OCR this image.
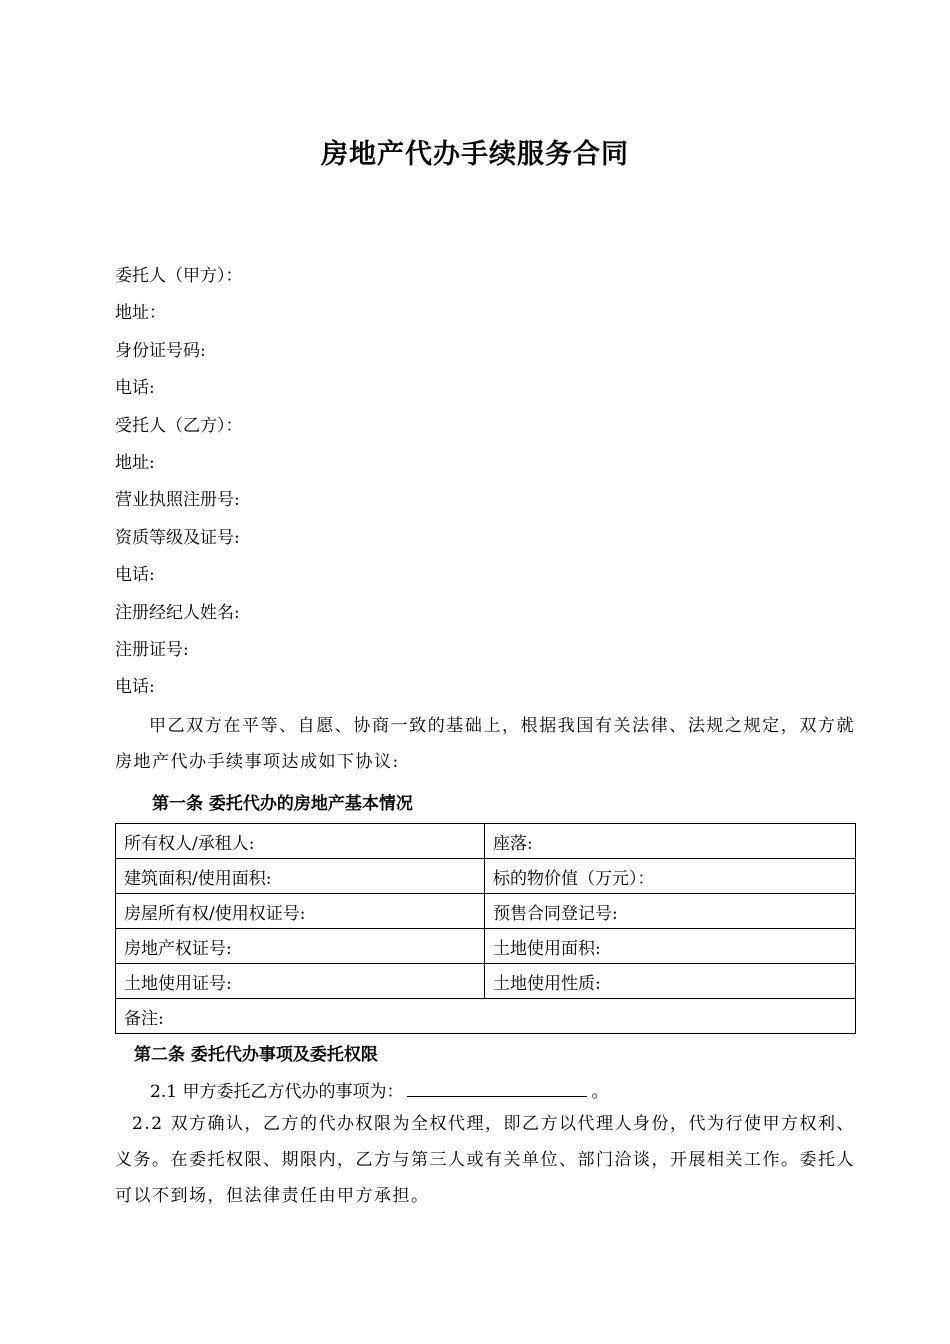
房地产代办手续服务合同
委托人（甲方）：
地址：
身份证号码:
电话:
受托人（乙方）：
地址:
营业执照注册号:
资质等级及证号:
电话:
注册经纪人姓名:
注册证号:
电话:
甲乙双方在平等、自愿、协商一致的基础上，根据我国有关法律、法规之规定，双方就房地产代办手续事项达成如下协议:
第一条 委托代办的房地产基本情况
所有权人/承租人:	座落:
建筑面积/使用面积:	标的物价值（万元）：
房屋所有权/使用权证号:	预售合同登记号:
房地产权证号:	土地使用面积:
土地使用证号:	土地使用性质:
备注:	
第二条 委托代办事项及委托权限
2.1 甲方委托乙方代办的事项为：	。
2.2 双方确认，乙方的代办权限为全权代理，即乙方以代理人身份，代为行使甲方权利、义务。在委托权限、期限内，乙方与第三人或有关单位、部门洽谈，开展相关工作。委托人可以不到场，但法律责任由甲方承担。
